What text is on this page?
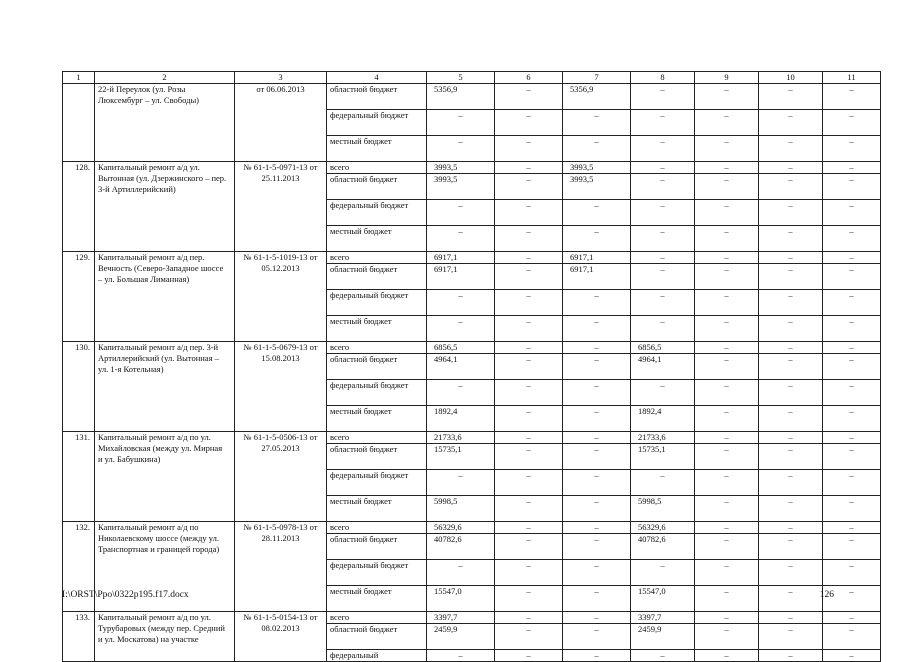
1	2	3	4	5	6	7	8	9	10	11
	22-й Переулок (ул. Розы Люксембург – ул. Свободы)	от 06.06.2013	областной бюджет	5356,9	–	5356,9	–	–	–	–
			федеральный бюджет	–	–	–	–	–	–	–
			местный бюджет	–	–	–	–	–	–	–
128.	Капитальный ремонт а/д ул. Вытонная (ул. Дзержинского – пер. 3-й Артиллерийский)	№ 61-1-5-0971-13 от 25.11.2013	всего	3993,5	–	3993,5	–	–	–	–
			областной бюджет	3993,5	–	3993,5	–	–	–	–
			федеральный бюджет	–	–	–	–	–	–	–
			местный бюджет	–	–	–	–	–	–	–
129.	Капитальный ремонт а/д пер. Вечность (Северо-Западное шоссе – ул. Большая Лиманная)	№ 61-1-5-1019-13 от 05.12.2013	всего	6917,1	–	6917,1	–	–	–	–
			областной бюджет	6917,1	–	6917,1	–	–	–	–
			федеральный бюджет	–	–	–	–	–	–	–
			местный бюджет	–	–	–	–	–	–	–
130.	Капитальный ремонт а/д пер. 3-й Артиллерийский (ул. Вытонная – ул. 1-я Котельная)	№ 61-1-5-0679-13 от 15.08.2013	всего	6856,5	–	–	6856,5	–	–	–
			областной бюджет	4964,1	–	–	4964,1	–	–	–
			федеральный бюджет	–	–	–	–	–	–	–
			местный бюджет	1892,4	–	–	1892,4	–	–	–
131.	Капитальный ремонт а/д по ул. Михайловская (между ул. Мирная и ул. Бабушкина)	№ 61-1-5-0506-13 от 27.05.2013	всего	21733,6	–	–	21733,6	–	–	–
			областной бюджет	15735,1	–	–	15735,1	–	–	–
			федеральный бюджет	–	–	–	–	–	–	–
			местный бюджет	5998,5	–	–	5998,5	–	–	–
132.	Капитальный ремонт а/д по Николаевскому шоссе (между ул. Транспортная и границей города)	№ 61-1-5-0978-13 от 28.11.2013	всего	56329,6	–	–	56329,6	–	–	–
			областной бюджет	40782,6	–	–	40782,6	–	–	–
			федеральный бюджет	–	–	–	–	–	–	–
			местный бюджет	15547,0	–	–	15547,0	–	–	–
133.	Капитальный ремонт а/д по ул. Турубаровых (между пер. Средний и ул. Москатова) на участке	№ 61-1-5-0154-13 от 08.02.2013	всего	3397,7	–	–	3397,7	–	–	–
			областной бюджет	2459,9	–	–	2459,9	–	–	–
			федеральный	–	–	–	–	–	–	–
I:\ORST\Ppo\0322p195.f17.docx	126
